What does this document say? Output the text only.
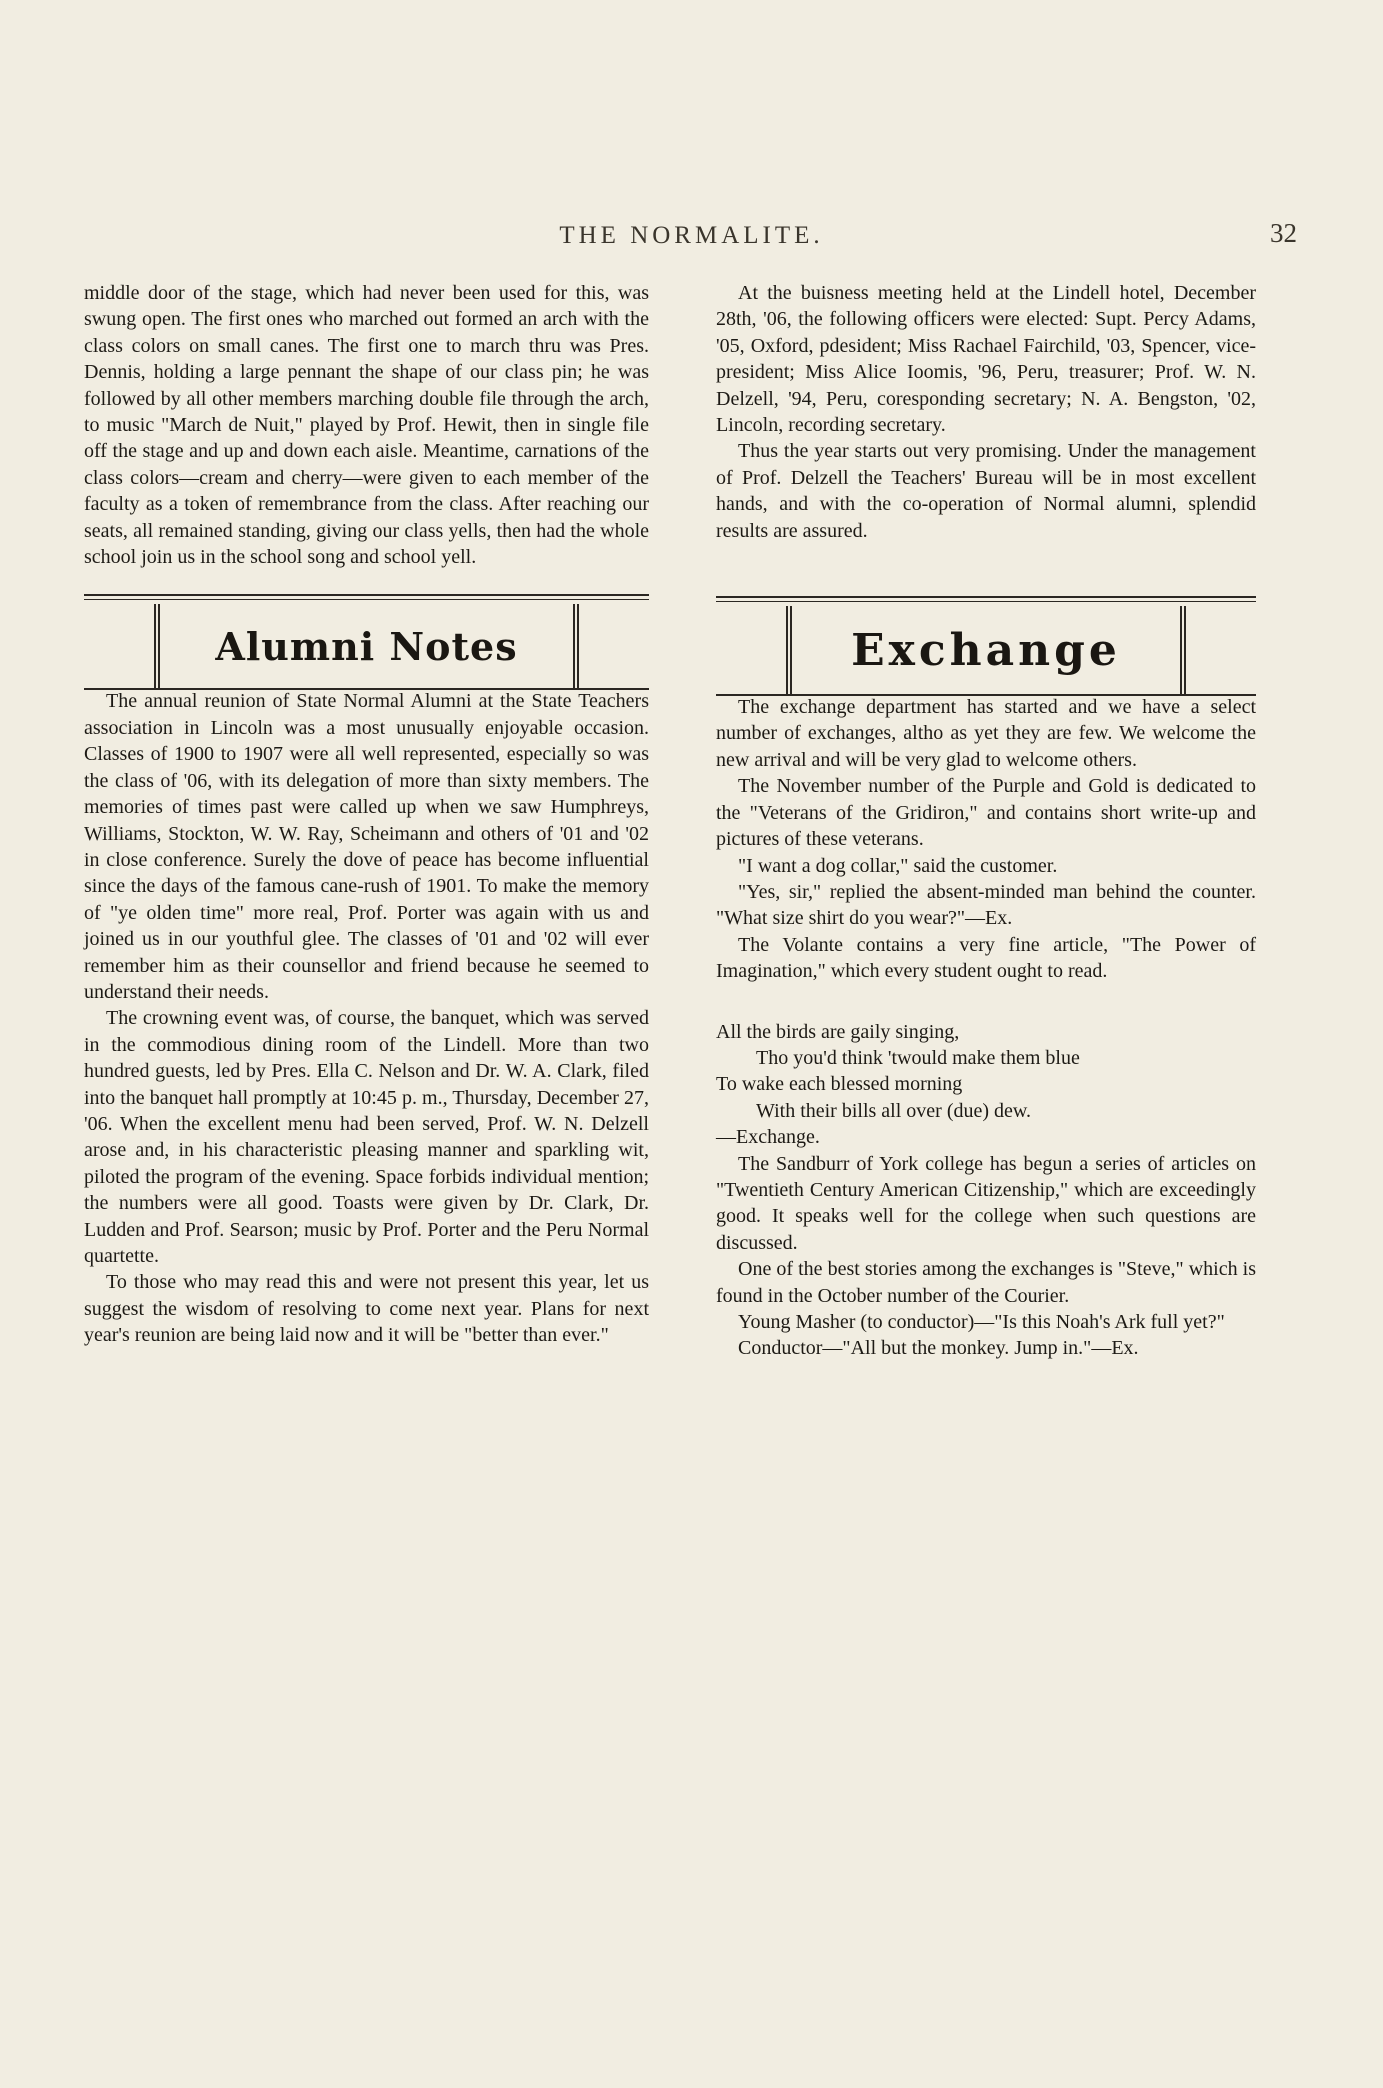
THE NORMALITE.	32

middle door of the stage, which had never been used for this, was swung open. The first ones who marched out formed an arch with the class colors on small canes. The first one to march thru was Pres. Dennis, holding a large pennant the shape of our class pin; he was followed by all other members marching double file through the arch, to music "March de Nuit," played by Prof. Hewit, then in single file off the stage and up and down each aisle. Meantime, carnations of the class colors—cream and cherry—were given to each member of the faculty as a token of remembrance from the class. After reaching our seats, all remained standing, giving our class yells, then had the whole school join us in the school song and school yell.

Alumni Notes

The annual reunion of State Normal Alumni at the State Teachers association in Lincoln was a most unusually enjoyable occasion. Classes of 1900 to 1907 were all well represented, especially so was the class of '06, with its delegation of more than sixty members. The memories of times past were called up when we saw Humphreys, Williams, Stockton, W. W. Ray, Scheimann and others of '01 and '02 in close conference. Surely the dove of peace has become influential since the days of the famous cane-rush of 1901. To make the memory of "ye olden time" more real, Prof. Porter was again with us and joined us in our youthful glee. The classes of '01 and '02 will ever remember him as their counsellor and friend because he seemed to understand their needs.

The crowning event was, of course, the banquet, which was served in the commodious dining room of the Lindell. More than two hundred guests, led by Pres. Ella C. Nelson and Dr. W. A. Clark, filed into the banquet hall promptly at 10:45 p. m., Thursday, December 27, '06. When the excellent menu had been served, Prof. W. N. Delzell arose and, in his characteristic pleasing manner and sparkling wit, piloted the program of the evening. Space forbids individual mention; the numbers were all good. Toasts were given by Dr. Clark, Dr. Ludden and Prof. Searson; music by Prof. Porter and the Peru Normal quartette.

To those who may read this and were not present this year, let us suggest the wisdom of resolving to come next year. Plans for next year's reunion are being laid now and it will be "better than ever."

At the buisness meeting held at the Lindell hotel, December 28th, '06, the following officers were elected: Supt. Percy Adams, '05, Oxford, pdesident; Miss Rachael Fairchild, '03, Spencer, vice-president; Miss Alice Ioomis, '96, Peru, treasurer; Prof. W. N. Delzell, '94, Peru, coresponding secretary; N. A. Bengston, '02, Lincoln, recording secretary.

Thus the year starts out very promising. Under the management of Prof. Delzell the Teachers' Bureau will be in most excellent hands, and with the co-operation of Normal alumni, splendid results are assured.

Exchange

The exchange department has started and we have a select number of exchanges, altho as yet they are few. We welcome the new arrival and will be very glad to welcome others.

The November number of the Purple and Gold is dedicated to the "Veterans of the Gridiron," and contains short write-up and pictures of these veterans.

"I want a dog collar," said the customer.

"Yes, sir," replied the absent-minded man behind the counter. "What size shirt do you wear?"—Ex.

The Volante contains a very fine article, "The Power of Imagination," which every student ought to read.

All the birds are gaily singing,

Tho you'd think 'twould make them blue

To wake each blessed morning

With their bills all over (due) dew.

—Exchange.

The Sandburr of York college has begun a series of articles on "Twentieth Century American Citizenship," which are exceedingly good. It speaks well for the college when such questions are discussed.

One of the best stories among the exchanges is "Steve," which is found in the October number of the Courier.

Young Masher (to conductor)—"Is this Noah's Ark full yet?"

Conductor—"All but the monkey. Jump in."—Ex.
